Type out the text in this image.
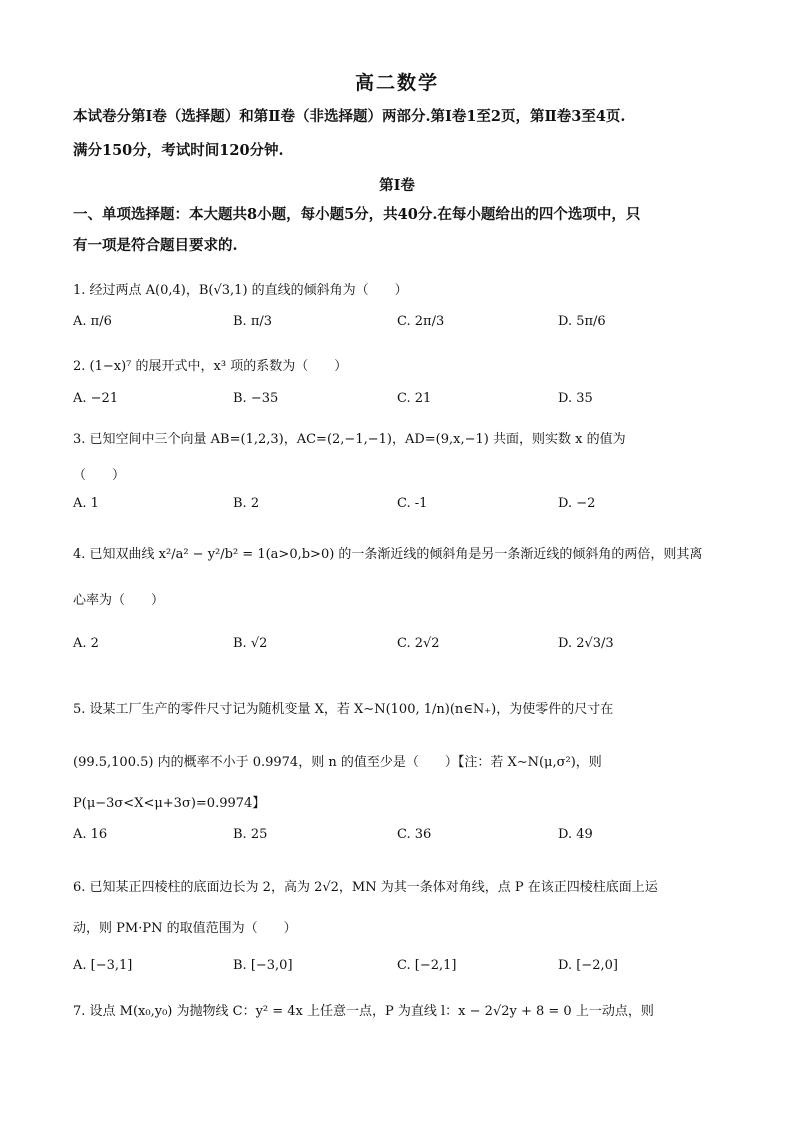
高二数学
本试卷分第Ⅰ卷（选择题）和第Ⅱ卷（非选择题）两部分.第Ⅰ卷1至2页，第Ⅱ卷3至4页.
满分150分，考试时间120分钟.
第Ⅰ卷
一、单项选择题：本大题共8小题，每小题5分，共40分.在每小题给出的四个选项中，只
有一项是符合题目要求的.
1. 经过两点 A(0,4)，B(√3,1) 的直线的倾斜角为（　　）
A. π/6	B. π/3	C. 2π/3	D. 5π/6
2. (1−x)⁷ 的展开式中，x³ 项的系数为（　　）
A. −21	B. −35	C. 21	D. 35
3. 已知空间中三个向量 AB=(1,2,3)，AC=(2,−1,−1)，AD=(9,x,−1) 共面，则实数 x 的值为
（　　）
A. 1	B. 2	C. -1	D. −2
4. 已知双曲线 x²/a² − y²/b² = 1(a>0,b>0) 的一条渐近线的倾斜角是另一条渐近线的倾斜角的两倍，则其离
心率为（　　）
A. 2	B. √2	C. 2√2	D. 2√3/3
5. 设某工厂生产的零件尺寸记为随机变量 X，若 X∼N(100, 1/n)(n∈N₊)，为使零件的尺寸在
(99.5,100.5) 内的概率不小于 0.9974，则 n 的值至少是（　　）【注：若 X∼N(μ,σ²)，则
P(μ−3σ<X<μ+3σ)=0.9974】
A. 16	B. 25	C. 36	D. 49
6. 已知某正四棱柱的底面边长为 2，高为 2√2，MN 为其一条体对角线，点 P 在该正四棱柱底面上运
动，则 PM·PN 的取值范围为（　　）
A. [−3,1]	B. [−3,0]	C. [−2,1]	D. [−2,0]
7. 设点 M(x₀,y₀) 为抛物线 C：y² = 4x 上任意一点，P 为直线 l：x − 2√2y + 8 = 0 上一动点，则
